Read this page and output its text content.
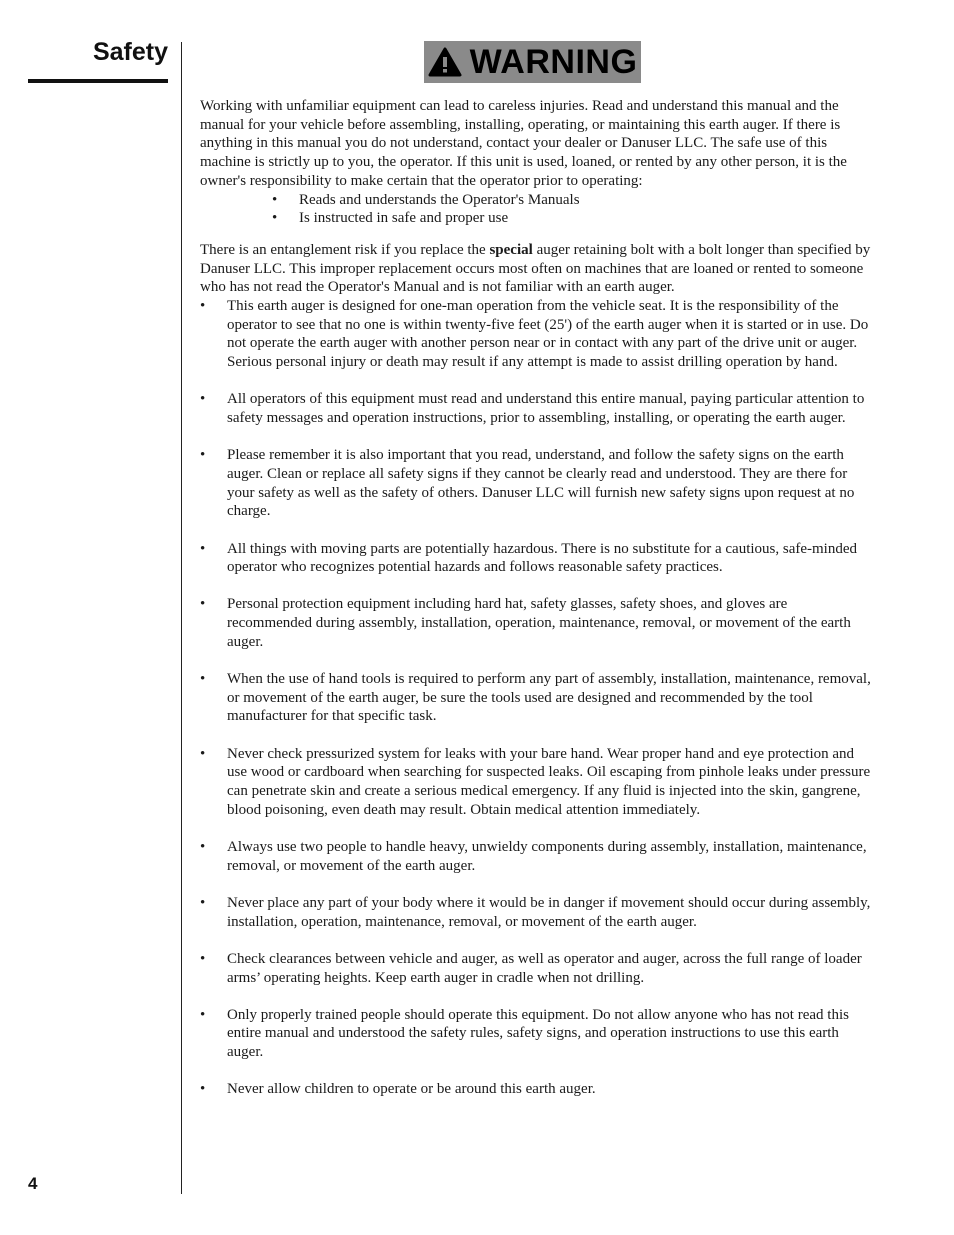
Safety	WARNING

Working with unfamiliar equipment can lead to careless injuries. Read and understand this manual and the manual for your vehicle before assembling, installing, operating, or maintaining this earth auger. If there is anything in this manual you do not understand, contact your dealer or Danuser LLC. The safe use of this machine is strictly up to you, the operator. If this unit is used, loaned, or rented by any other person, it is the owner's responsibility to make certain that the operator prior to operating:

• Reads and understands the Operator's Manuals
• Is instructed in safe and proper use

There is an entanglement risk if you replace the special auger retaining bolt with a bolt longer than specified by Danuser LLC. This improper replacement occurs most often on machines that are loaned or rented to someone who has not read the Operator's Manual and is not familiar with an earth auger.

• This earth auger is designed for one-man operation from the vehicle seat. It is the responsibility of the operator to see that no one is within twenty-five feet (25') of the earth auger when it is started or in use. Do not operate the earth auger with another person near or in contact with any part of the drive unit or auger. Serious personal injury or death may result if any attempt is made to assist drilling operation by hand.
• All operators of this equipment must read and understand this entire manual, paying particular attention to safety messages and operation instructions, prior to assembling, installing, or operating the earth auger.
• Please remember it is also important that you read, understand, and follow the safety signs on the earth auger. Clean or replace all safety signs if they cannot be clearly read and understood. They are there for your safety as well as the safety of others. Danuser LLC will furnish new safety signs upon request at no charge.
• All things with moving parts are potentially hazardous. There is no substitute for a cautious, safe-minded operator who recognizes potential hazards and follows reasonable safety practices.
• Personal protection equipment including hard hat, safety glasses, safety shoes, and gloves are recommended during assembly, installation, operation, maintenance, removal, or movement of the earth auger.
• When the use of hand tools is required to perform any part of assembly, installation, maintenance, removal, or movement of the earth auger, be sure the tools used are designed and recommended by the tool manufacturer for that specific task.
• Never check pressurized system for leaks with your bare hand. Wear proper hand and eye protection and use wood or cardboard when searching for suspected leaks. Oil escaping from pinhole leaks under pressure can penetrate skin and create a serious medical emergency. If any fluid is injected into the skin, gangrene, blood poisoning, even death may result. Obtain medical attention immediately.
• Always use two people to handle heavy, unwieldy components during assembly, installation, maintenance, removal, or movement of the earth auger.
• Never place any part of your body where it would be in danger if movement should occur during assembly, installation, operation, maintenance, removal, or movement of the earth auger.
• Check clearances between vehicle and auger, as well as operator and auger, across the full range of loader arms’ operating heights. Keep earth auger in cradle when not drilling.
• Only properly trained people should operate this equipment. Do not allow anyone who has not read this entire manual and understood the safety rules, safety signs, and operation instructions to use this earth auger.
• Never allow children to operate or be around this earth auger.
4
